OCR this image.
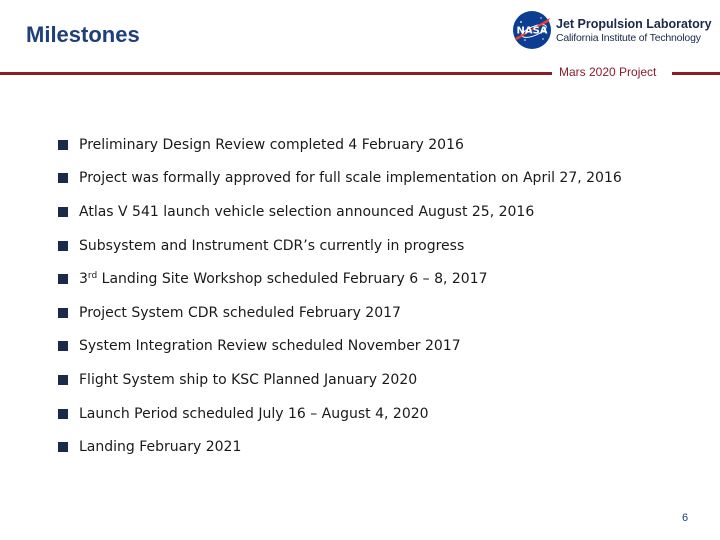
Milestones	NASA Jet Propulsion Laboratory
California Institute of Technology
Mars 2020 Project
Preliminary Design Review completed 4 February 2016
Project was formally approved for full scale implementation on April 27, 2016
Atlas V 541 launch vehicle selection announced August 25, 2016
Subsystem and Instrument CDR’s currently in progress
3rd Landing Site Workshop scheduled February 6 – 8, 2017
Project System CDR scheduled February 2017
System Integration Review scheduled November 2017
Flight System ship to KSC Planned January 2020
Launch Period scheduled July 16 – August 4, 2020
Landing February 2021
6
